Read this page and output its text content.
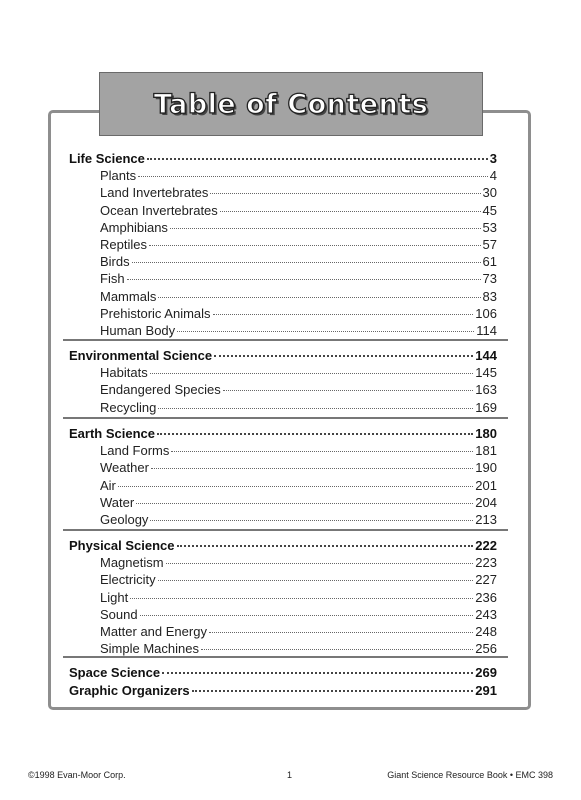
Table of Contents
Life Science	3
Plants	4
Land Invertebrates	30
Ocean Invertebrates	45
Amphibians	53
Reptiles	57
Birds	61
Fish	73
Mammals	83
Prehistoric Animals	106
Human Body	114
Environmental Science	144
Habitats	145
Endangered Species	163
Recycling	169
Earth Science	180
Land Forms	181
Weather	190
Air	201
Water	204
Geology	213
Physical Science	222
Magnetism	223
Electricity	227
Light	236
Sound	243
Matter and Energy	248
Simple Machines	256
Space Science	269
Graphic Organizers	291
©1998 Evan-Moor Corp.	1	Giant Science Resource Book • EMC 398
